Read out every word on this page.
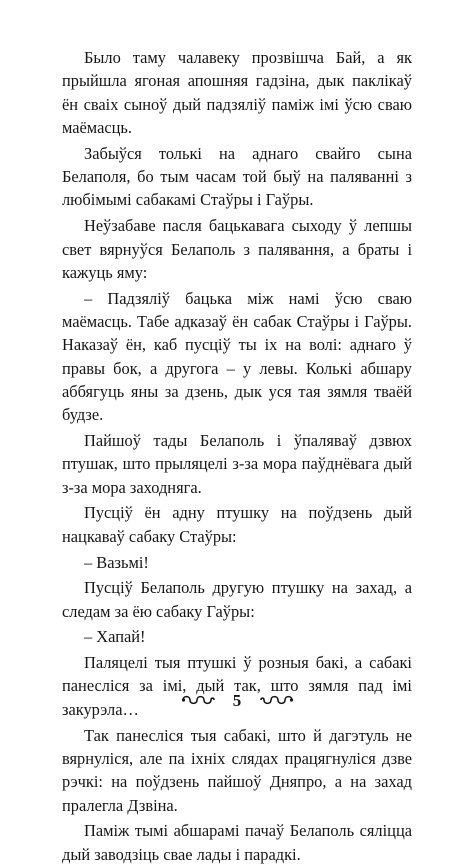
Было таму чалавеку прозвішча Бай, а як прыйшла ягоная апошняя гадзіна, дык паклікаў ён сваіх сыноў дый падзяліў паміж імі ўсю сваю маёмасць.

Забыўся толькі на аднаго свайго сына Белаполя, бо тым часам той быў на паляванні з любімымі сабакамі Стаўры і Гаўры.

Неўзабаве пасля бацькавага сыходу ў лепшы свет вярнуўся Белаполь з палявання, а браты і кажуць яму:

– Падзяліў бацька між намі ўсю сваю маёмасць. Табе адказаў ён сабак Стаўры і Гаўры. Наказаў ён, каб пусціў ты іх на волі: аднаго ў правы бок, а другога – у левы. Колькі абшару аббягуць яны за дзень, дык уся тая зямля тваёй будзе.

Пайшоў тады Белаполь і ўпаляваў дзвюх птушак, што прыляцелі з-за мора паўднёвага дый з-за мора заходняга.

Пусціў ён адну птушку на поўдзень дый нацкаваў сабаку Стаўры:

– Вазьмі!

Пусціў Белаполь другую птушку на захад, а следам за ёю сабаку Гаўры:

– Хапай!

Паляцелі тыя птушкі ў розныя бакі, а сабакі панесліся за імі, дый так, што зямля пад імі закурэла…

Так панесліся тыя сабакі, што й дагэтуль не вярнуліся, але па іхніх слядах працягнуліся дзве рэчкі: на поўдзень пайшоў Дняпро, а на захад пралегла Дзвіна.

Паміж тымі абшарамі пачаў Белаполь сяліцца дый заводзіць свае лады і парадкі.

5
